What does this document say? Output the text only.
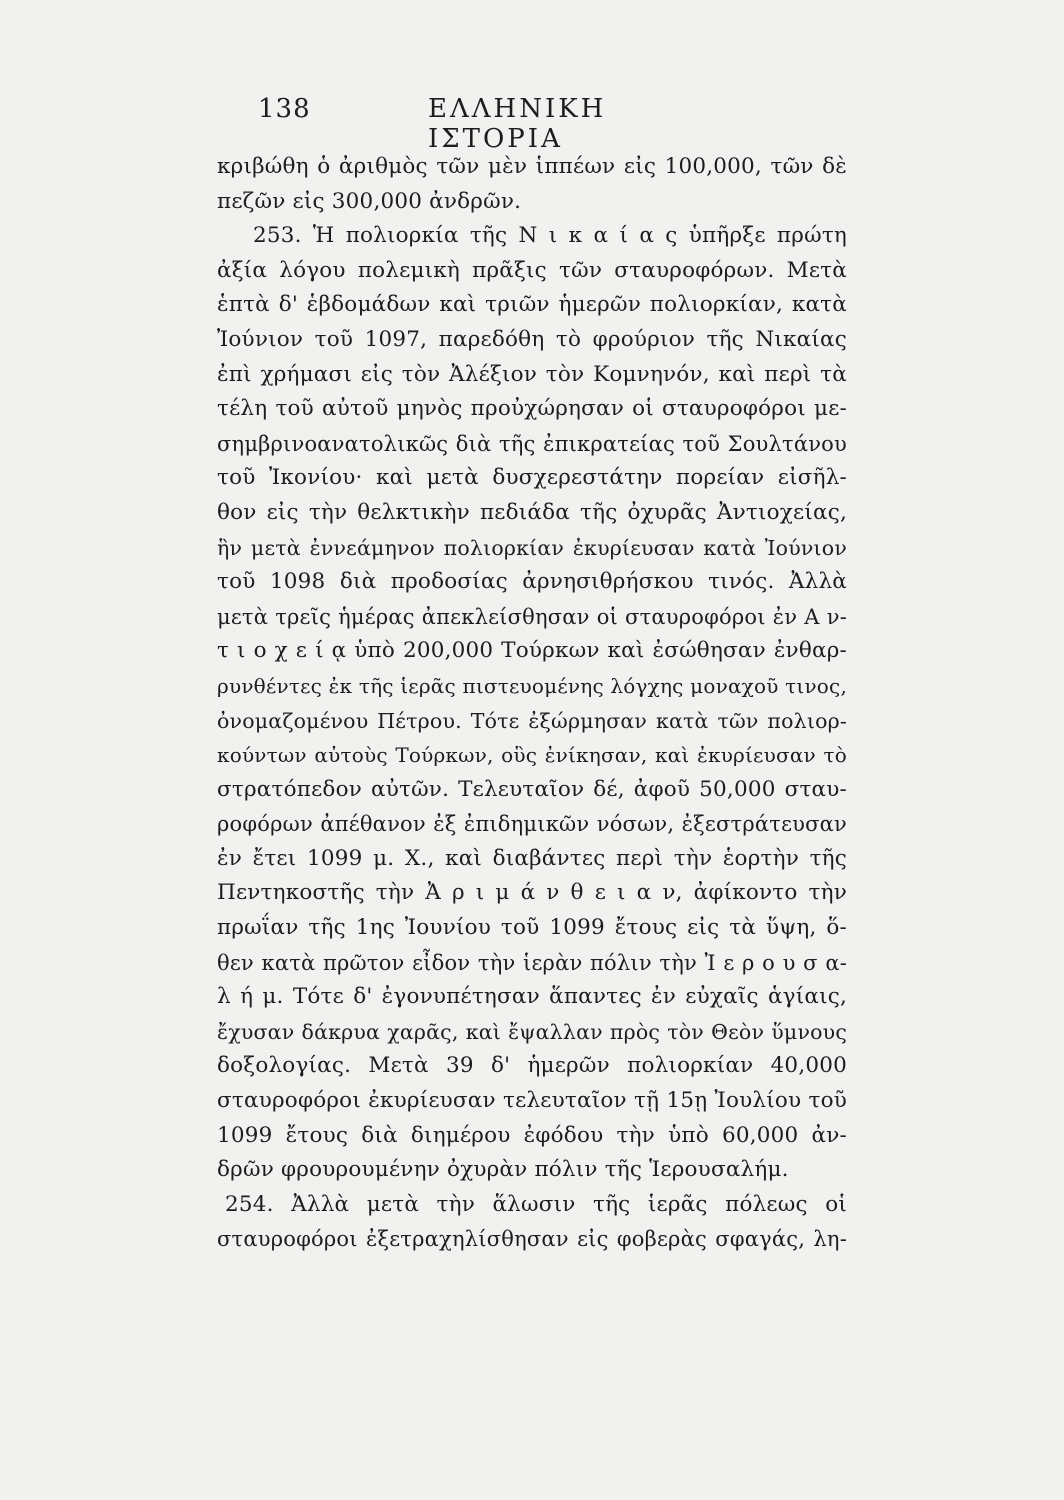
138	ΕΛΛΗΝΙΚΗ ΙΣΤΟΡΙΑ
κριβώθη ὁ ἀριθμὸς τῶν μὲν ἱππέων εἰς 100,000, τῶν δὲ
πεζῶν εἰς 300,000 ἀνδρῶν.
253. Ἡ πολιορκία τῆς Ν ι κ α ί α ς ὑπῆρξε πρώτη
ἀξία λόγου πολεμικὴ πρᾶξις τῶν σταυροφόρων. Μετὰ
ἑπτὰ δ' ἑβδομάδων καὶ τριῶν ἡμερῶν πολιορκίαν, κατὰ
Ἰούνιον τοῦ 1097, παρεδόθη τὸ φρούριον τῆς Νικαίας
ἐπὶ χρήμασι εἰς τὸν Ἀλέξιον τὸν Κομνηνόν, καὶ περὶ τὰ
τέλη τοῦ αὐτοῦ μηνὸς προὐχώρησαν οἱ σταυροφόροι με-
σημβρινοανατολικῶς διὰ τῆς ἐπικρατείας τοῦ Σουλτάνου
τοῦ Ἰκονίου· καὶ μετὰ δυσχερεστάτην πορείαν εἰσῆλ-
θον εἰς τὴν θελκτικὴν πεδιάδα τῆς ὀχυρᾶς Ἀντιοχείας,
ἣν μετὰ ἐννεάμηνον πολιορκίαν ἐκυρίευσαν κατὰ Ἰούνιον
τοῦ 1098 διὰ προδοσίας ἀρνησιθρήσκου τινός. Ἀλλὰ
μετὰ τρεῖς ἡμέρας ἀπεκλείσθησαν οἱ σταυροφόροι ἐν Α ν-
τ ι ο χ ε ί ᾳ ὑπὸ 200,000 Τούρκων καὶ ἐσώθησαν ἐνθαρ-
ρυνθέντες ἐκ τῆς ἱερᾶς πιστευομένης λόγχης μοναχοῦ τινος,
ὀνομαζομένου Πέτρου. Τότε ἐξώρμησαν κατὰ τῶν πολιορ-
κούντων αὐτοὺς Τούρκων, οὓς ἐνίκησαν, καὶ ἐκυρίευσαν τὸ
στρατόπεδον αὐτῶν. Τελευταῖον δέ, ἀφοῦ 50,000 σταυ-
ροφόρων ἀπέθανον ἐξ ἐπιδημικῶν νόσων, ἐξεστράτευσαν
ἐν ἔτει 1099 μ. Χ., καὶ διαβάντες περὶ τὴν ἑορτὴν τῆς
Πεντηκοστῆς τὴν Ἀ ρ ι μ ά ν θ ε ι α ν, ἀφίκοντο τὴν
πρωΐαν τῆς 1ης Ἰουνίου τοῦ 1099 ἔτους εἰς τὰ ὕψη, ὅ-
θεν κατὰ πρῶτον εἶδον τὴν ἱερὰν πόλιν τὴν Ἰ ε ρ ο υ σ α-
λ ή μ. Τότε δ' ἐγονυπέτησαν ἅπαντες ἐν εὐχαῖς ἁγίαις,
ἔχυσαν δάκρυα χαρᾶς, καὶ ἔψαλλαν πρὸς τὸν Θεὸν ὕμνους
δοξολογίας. Μετὰ 39 δ' ἡμερῶν πολιορκίαν 40,000
σταυροφόροι ἐκυρίευσαν τελευταῖον τῇ 15ῃ Ἰουλίου τοῦ
1099 ἔτους διὰ διημέρου ἐφόδου τὴν ὑπὸ 60,000 ἀν-
δρῶν φρουρουμένην ὀχυρὰν πόλιν τῆς Ἱερουσαλήμ.
254. Ἀλλὰ μετὰ τὴν ἅλωσιν τῆς ἱερᾶς πόλεως οἱ
σταυροφόροι ἐξετραχηλίσθησαν εἰς φοβερὰς σφαγάς, λη-
